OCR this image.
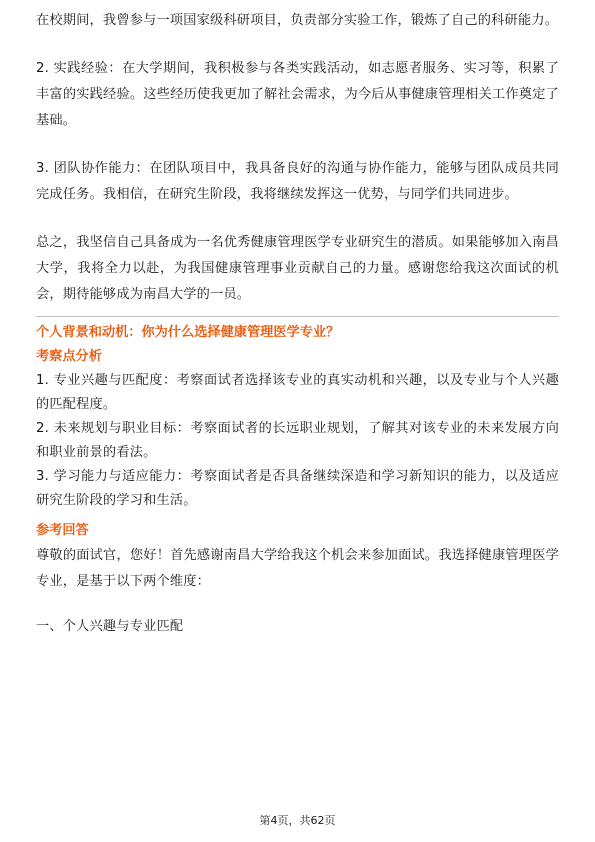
在校期间，我曾参与一项国家级科研项目，负责部分实验工作，锻炼了自己的科研能力。

2. 实践经验：在大学期间，我积极参与各类实践活动，如志愿者服务、实习等，积累了丰富的实践经验。这些经历使我更加了解社会需求，为今后从事健康管理相关工作奠定了基础。

3. 团队协作能力：在团队项目中，我具备良好的沟通与协作能力，能够与团队成员共同完成任务。我相信，在研究生阶段，我将继续发挥这一优势，与同学们共同进步。

总之，我坚信自己具备成为一名优秀健康管理医学专业研究生的潜质。如果能够加入南昌大学，我将全力以赴，为我国健康管理事业贡献自己的力量。感谢您给我这次面试的机会，期待能够成为南昌大学的一员。

个人背景和动机：你为什么选择健康管理医学专业？

考察点分析

1. 专业兴趣与匹配度：考察面试者选择该专业的真实动机和兴趣，以及专业与个人兴趣的匹配程度。

2. 未来规划与职业目标：考察面试者的长远职业规划，了解其对该专业的未来发展方向和职业前景的看法。

3. 学习能力与适应能力：考察面试者是否具备继续深造和学习新知识的能力，以及适应研究生阶段的学习和生活。

参考回答

尊敬的面试官，您好！首先感谢南昌大学给我这个机会来参加面试。我选择健康管理医学专业，是基于以下两个维度：

一、个人兴趣与专业匹配

第4页，共62页
